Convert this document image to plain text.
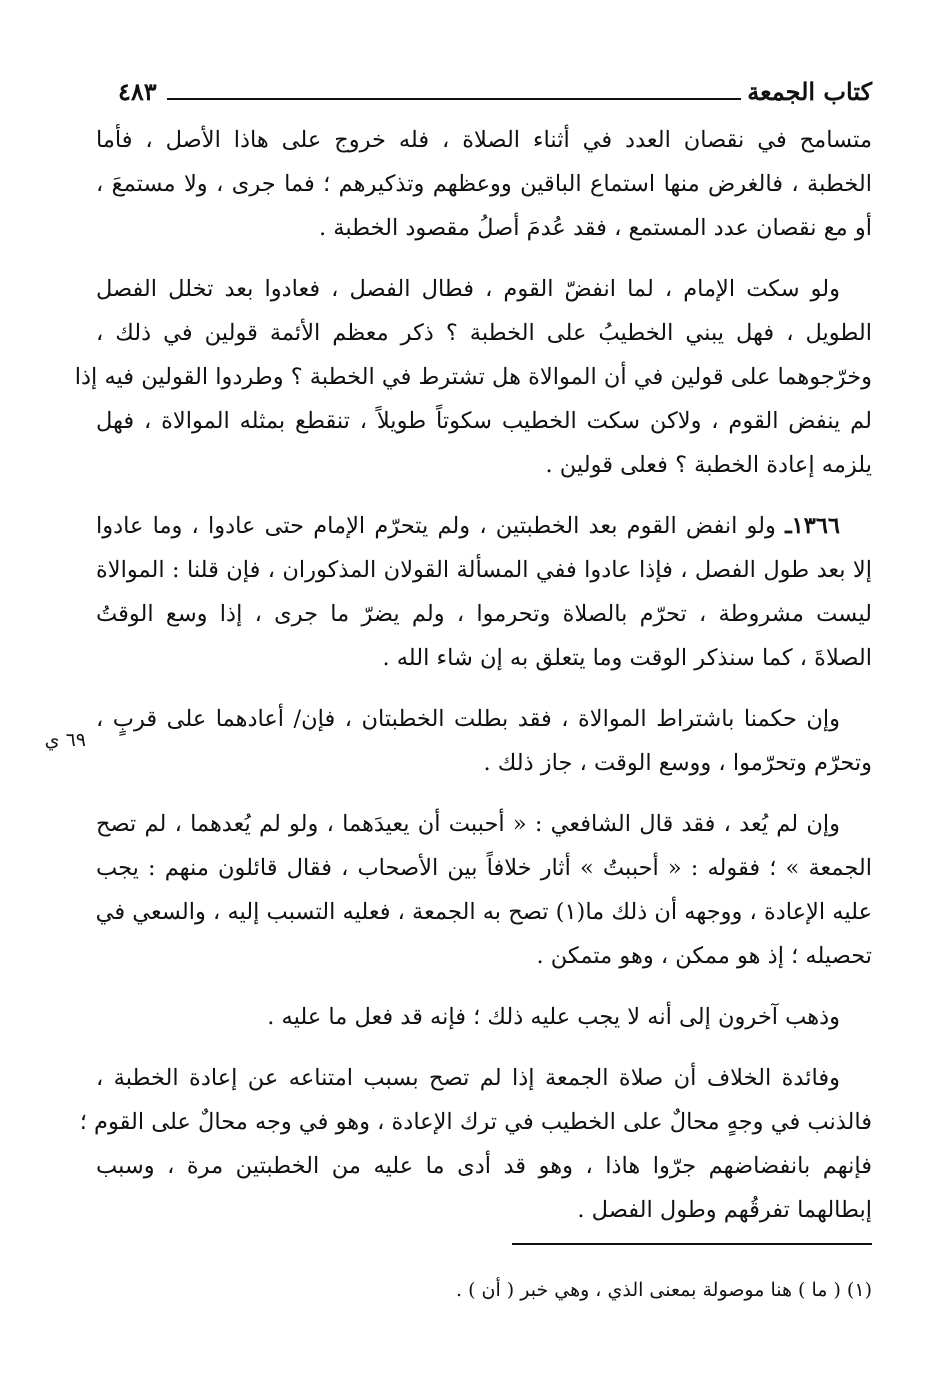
كتاب الجمعة
٤٨٣
٦٩ ي
متسامح في نقصان العدد في أثناء الصلاة ، فله خروج على هاذا الأصل ، فأما
الخطبة ، فالغرض منها استماع الباقين ووعظهم وتذكيرهم ؛ فما جرى ، ولا مستمعَ ،
أو مع نقصان عدد المستمع ، فقد عُدمَ أصلُ مقصود الخطبة .
ولو سكت الإمام ، لما انفضّ القوم ، فطال الفصل ، فعادوا بعد تخلل الفصل
الطويل ، فهل يبني الخطيبُ على الخطبة ؟ ذكر معظم الأئمة قولين في ذلك ،
وخرّجوهما على قولين في أن الموالاة هل تشترط في الخطبة ؟ وطردوا القولين فيه إذا
لم ينفض القوم ، ولاكن سكت الخطيب سكوتاً طويلاً ، تنقطع بمثله الموالاة ، فهل
يلزمه إعادة الخطبة ؟ فعلى قولين .
١٣٦٦ـ ولو انفض القوم بعد الخطبتين ، ولم يتحرّم الإمام حتى عادوا ، وما عادوا
إلا بعد طول الفصل ، فإذا عادوا ففي المسألة القولان المذكوران ، فإن قلنا : الموالاة
ليست مشروطة ، تحرّم بالصلاة وتحرموا ، ولم يضرّ ما جرى ، إذا وسع الوقتُ
الصلاةَ ، كما سنذكر الوقت وما يتعلق به إن شاء الله .
وإن حكمنا باشتراط الموالاة ، فقد بطلت الخطبتان ، فإن/ أعادهما على قربٍ ،
وتحرّم وتحرّموا ، ووسع الوقت ، جاز ذلك .
وإن لم يُعد ، فقد قال الشافعي : « أحببت أن يعيدَهما ، ولو لم يُعدهما ، لم تصح
الجمعة » ؛ فقوله : « أحببتُ » أثار خلافاً بين الأصحاب ، فقال قائلون منهم : يجب
عليه الإعادة ، ووجهه أن ذلك ما(١) تصح به الجمعة ، فعليه التسبب إليه ، والسعي في
تحصيله ؛ إذ هو ممكن ، وهو متمكن .
وذهب آخرون إلى أنه لا يجب عليه ذلك ؛ فإنه قد فعل ما عليه .
وفائدة الخلاف أن صلاة الجمعة إذا لم تصح بسبب امتناعه عن إعادة الخطبة ،
فالذنب في وجهٍ محالٌ على الخطيب في ترك الإعادة ، وهو في وجه محالٌ على القوم ؛
فإنهم بانفضاضهم جرّوا هاذا ، وهو قد أدى ما عليه من الخطبتين مرة ، وسبب
إبطالهما تفرقُهم وطول الفصل .
(١) ( ما ) هنا موصولة بمعنى الذي ، وهي خبر ( أن ) .
